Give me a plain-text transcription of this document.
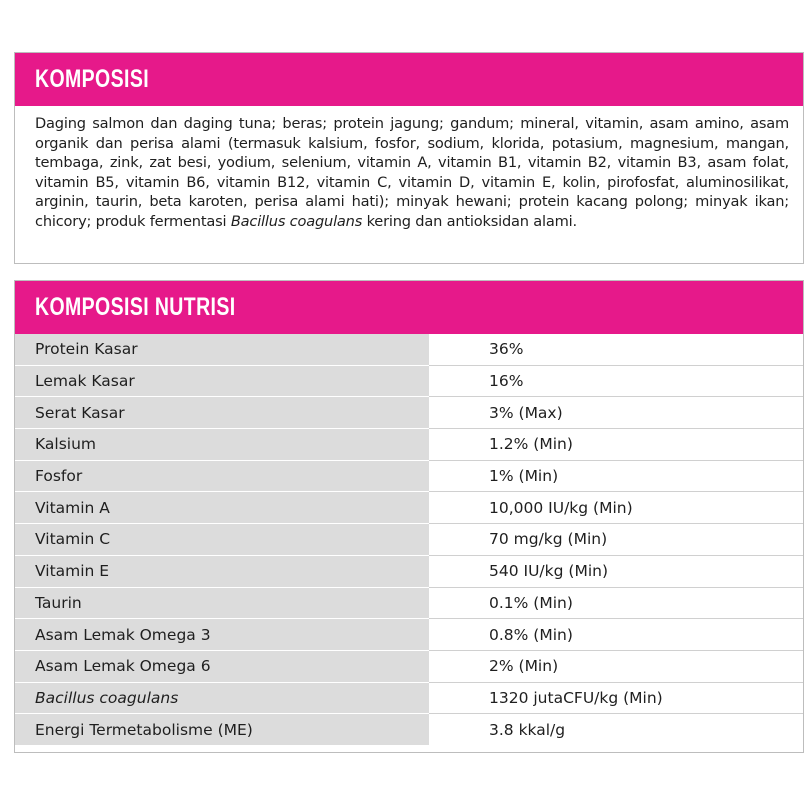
KOMPOSISI
Daging salmon dan daging tuna; beras; protein jagung; gandum; mineral, vitamin, asam amino, asam organik dan perisa alami (termasuk kalsium, fosfor, sodium, klorida, potasium, magnesium, mangan, tembaga, zink, zat besi, yodium, selenium, vitamin A, vitamin B1, vitamin B2, vitamin B3, asam folat, vitamin B5, vitamin B6, vitamin B12, vitamin C, vitamin D, vitamin E, kolin, pirofosfat, aluminosilikat, arginin, taurin, beta karoten, perisa alami hati); minyak hewani; protein kacang polong; minyak ikan; chicory; produk fermentasi Bacillus coagulans kering dan antioksidan alami.
KOMPOSISI NUTRISI
Protein Kasar	36%
Lemak Kasar	16%
Serat Kasar	3% (Max)
Kalsium	1.2% (Min)
Fosfor	1% (Min)
Vitamin A	10,000 IU/kg (Min)
Vitamin C	70 mg/kg (Min)
Vitamin E	540 IU/kg (Min)
Taurin	0.1% (Min)
Asam Lemak Omega 3	0.8% (Min)
Asam Lemak Omega 6	2% (Min)
Bacillus coagulans	1320 jutaCFU/kg (Min)
Energi Termetabolisme (ME)	3.8 kkal/g
